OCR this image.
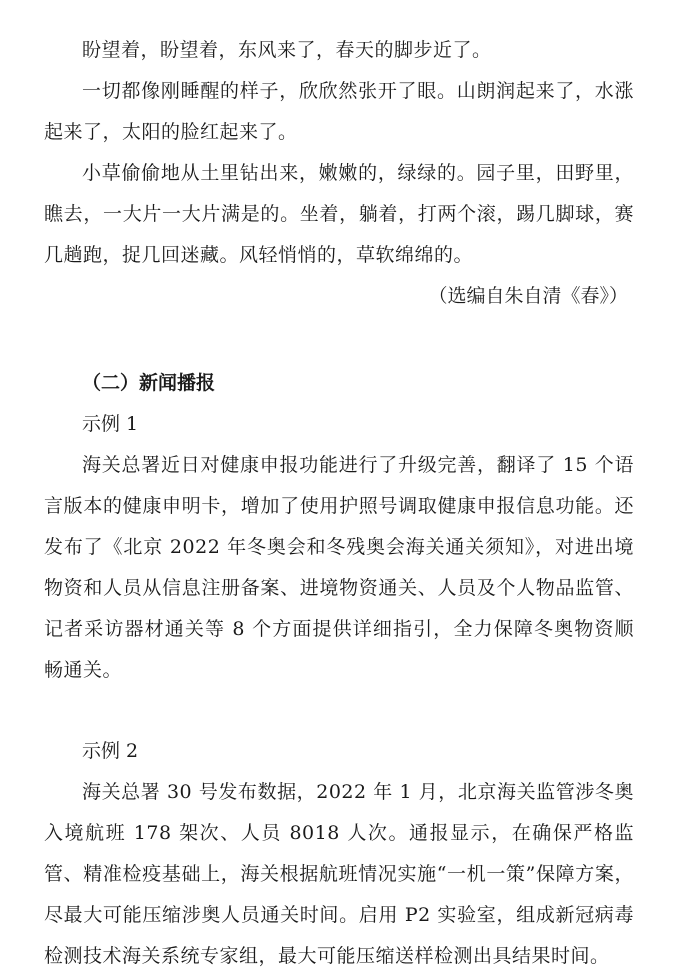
盼望着，盼望着，东风来了，春天的脚步近了。

一切都像刚睡醒的样子，欣欣然张开了眼。山朗润起来了，水涨起来了，太阳的脸红起来了。

小草偷偷地从土里钻出来，嫩嫩的，绿绿的。园子里，田野里，瞧去，一大片一大片满是的。坐着，躺着，打两个滚，踢几脚球，赛几趟跑，捉几回迷藏。风轻悄悄的，草软绵绵的。

（选编自朱自清《春》）

（二）新闻播报

示例 1

海关总署近日对健康申报功能进行了升级完善，翻译了 15 个语言版本的健康申明卡，增加了使用护照号调取健康申报信息功能。还发布了《北京 2022 年冬奥会和冬残奥会海关通关须知》，对进出境物资和人员从信息注册备案、进境物资通关、人员及个人物品监管、记者采访器材通关等 8 个方面提供详细指引，全力保障冬奥物资顺畅通关。

示例 2

海关总署 30 号发布数据，2022 年 1 月，北京海关监管涉冬奥入境航班 178 架次、人员 8018 人次。通报显示，在确保严格监管、精准检疫基础上，海关根据航班情况实施“一机一策”保障方案，尽最大可能压缩涉奥人员通关时间。启用 P2 实验室，组成新冠病毒检测技术海关系统专家组，最大可能压缩送样检测出具结果时间。
